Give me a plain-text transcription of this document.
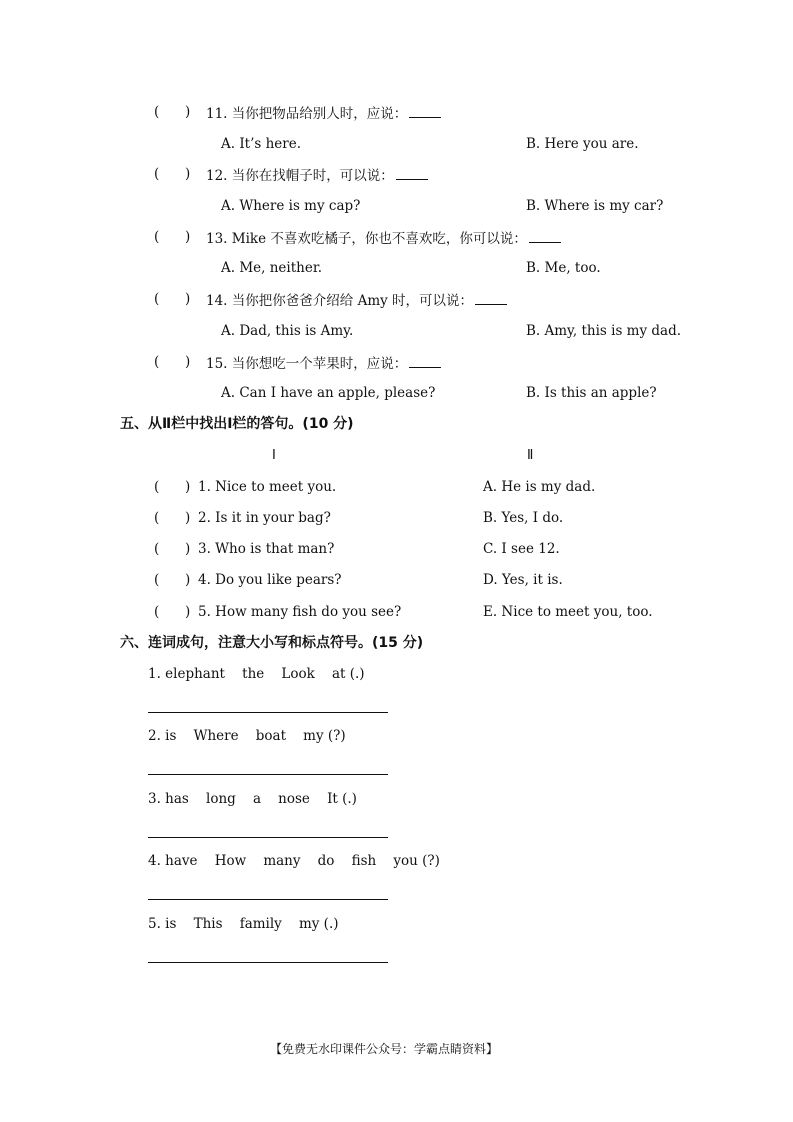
(      ) 11. 当你把物品给别人时，应说：
A. It’s here.	B. Here you are.
(      ) 12. 当你在找帽子时，可以说：
A. Where is my cap?	B. Where is my car?
(      ) 13. Mike 不喜欢吃橘子，你也不喜欢吃，你可以说：
A. Me, neither.	B. Me, too.
(      ) 14. 当你把你爸爸介绍给 Amy 时，可以说：
A. Dad, this is Amy.	B. Amy, this is my dad.
(      ) 15. 当你想吃一个苹果时，应说：
A. Can I have an apple, please?	B. Is this an apple?
五、从Ⅱ栏中找出Ⅰ栏的答句。(10 分)
Ⅰ	Ⅱ
(      ) 1. Nice to meet you.	A. He is my dad.
(      ) 2. Is it in your bag?	B. Yes, I do.
(      ) 3. Who is that man?	C. I see 12.
(      ) 4. Do you like pears?	D. Yes, it is.
(      ) 5. How many fish do you see?	E. Nice to meet you, too.
六、连词成句，注意大小写和标点符号。(15 分)
1. elephant    the    Look    at (.)
2. is    Where    boat    my (?)
3. has    long    a    nose    It (.)
4. have    How    many    do    fish    you (?)
5. is    This    family    my (.)
【免费无水印课件公众号：学霸点睛资料】
